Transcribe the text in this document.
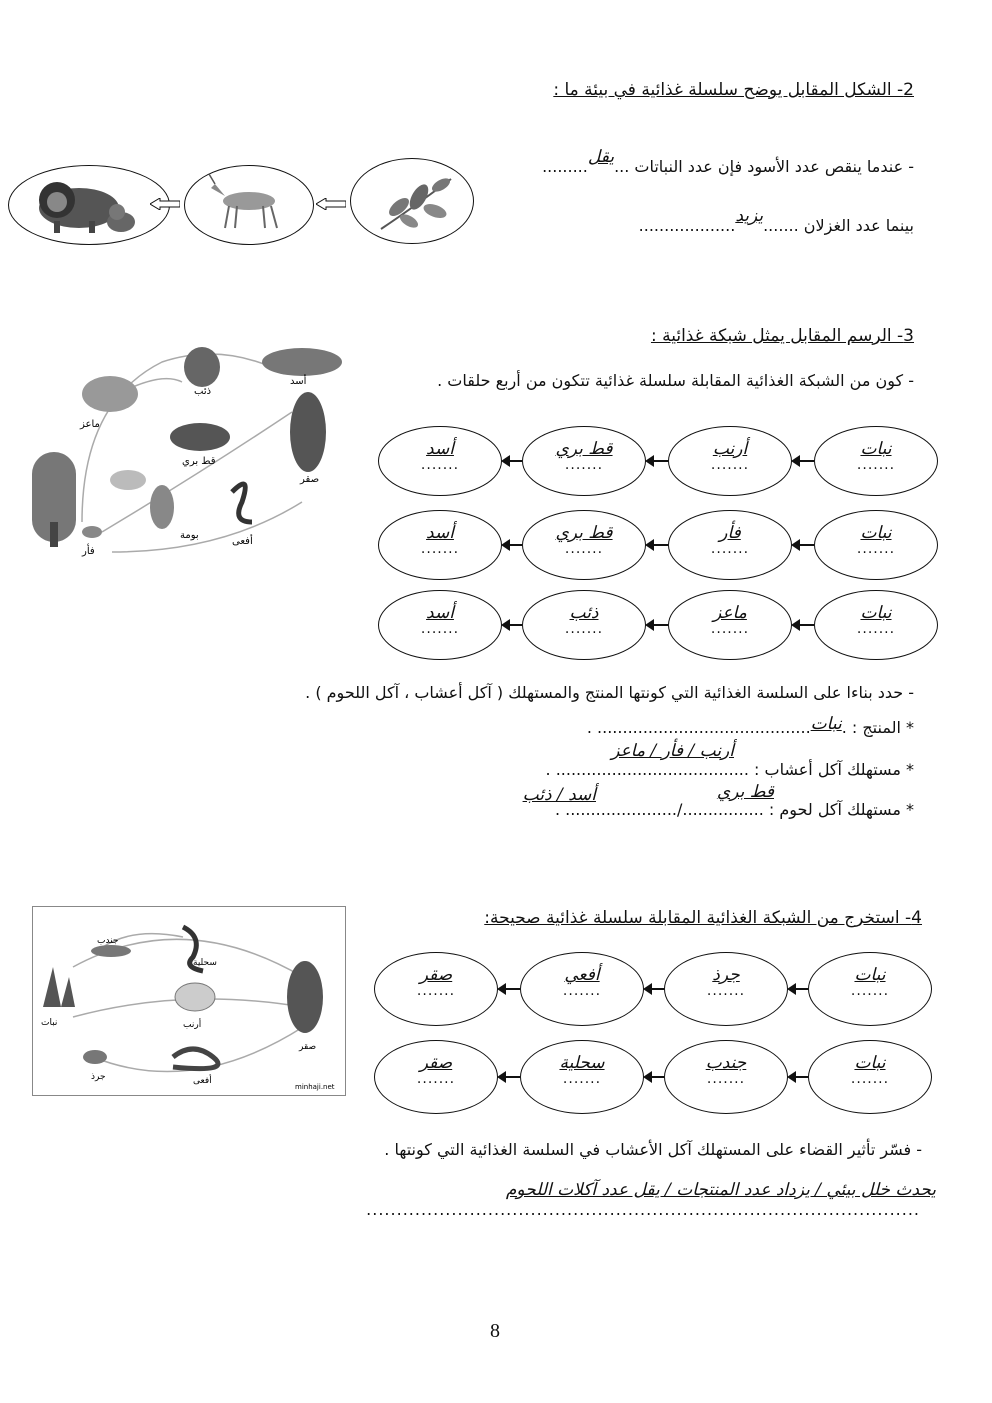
2- الشكل المقابل يوضح سلسلة غذائية في بيئة ما :
- عندما ينقص عدد الأسود فإن عدد النباتات ...يقل.........
بينما عدد الغزلان .......يزيد...................
3- الرسم المقابل يمثل شبكة غذائية :
- كون من الشبكة الغذائية المقابلة سلسلة غذائية تتكون من أربع حلقات .
ماعز
ذئب
أسد
قط بري
صقر
بومة
أفعى
فأر
أسد
.......
قط بري
.......
أرنب
.......
نبات
.......
أسد
.......
قط بري
.......
فأر
.......
نبات
.......
أسد
.......
ذئب
.......
ماعز
.......
نبات
.......
- حدد بناءا على السلسة الغذائية التي كونتها المنتج والمستهلك ( آكل أعشاب ، آكل اللحوم ) .
* المنتج : .نبات.......................................... .
أرنب / فأر / ماعز
* مستهلك آكل أعشاب : ...................................... .
قط بري
أسد / ذئب
* مستهلك آكل لحوم : ................/...................... .
4- استخرج من الشبكة الغذائية المقابلة سلسلة غذائية صحيحة:
جندب
سحلية
نبات	أرنب
صقر
جرذ	أفعى
minhaji.net
صقر
.......
أفعي
.......
جرذ
.......
نبات
.......
صقر
.......
سحلية
.......
جندب
.......
نبات
.......
- فسّر تأثير القضاء على المستهلك آكل الأعشاب في السلسة الغذائية التي كونتها .
يحدث خلل بيئي / يزداد عدد المنتجات / يقل عدد آكلات اللحوم
...........................................................................................
8
